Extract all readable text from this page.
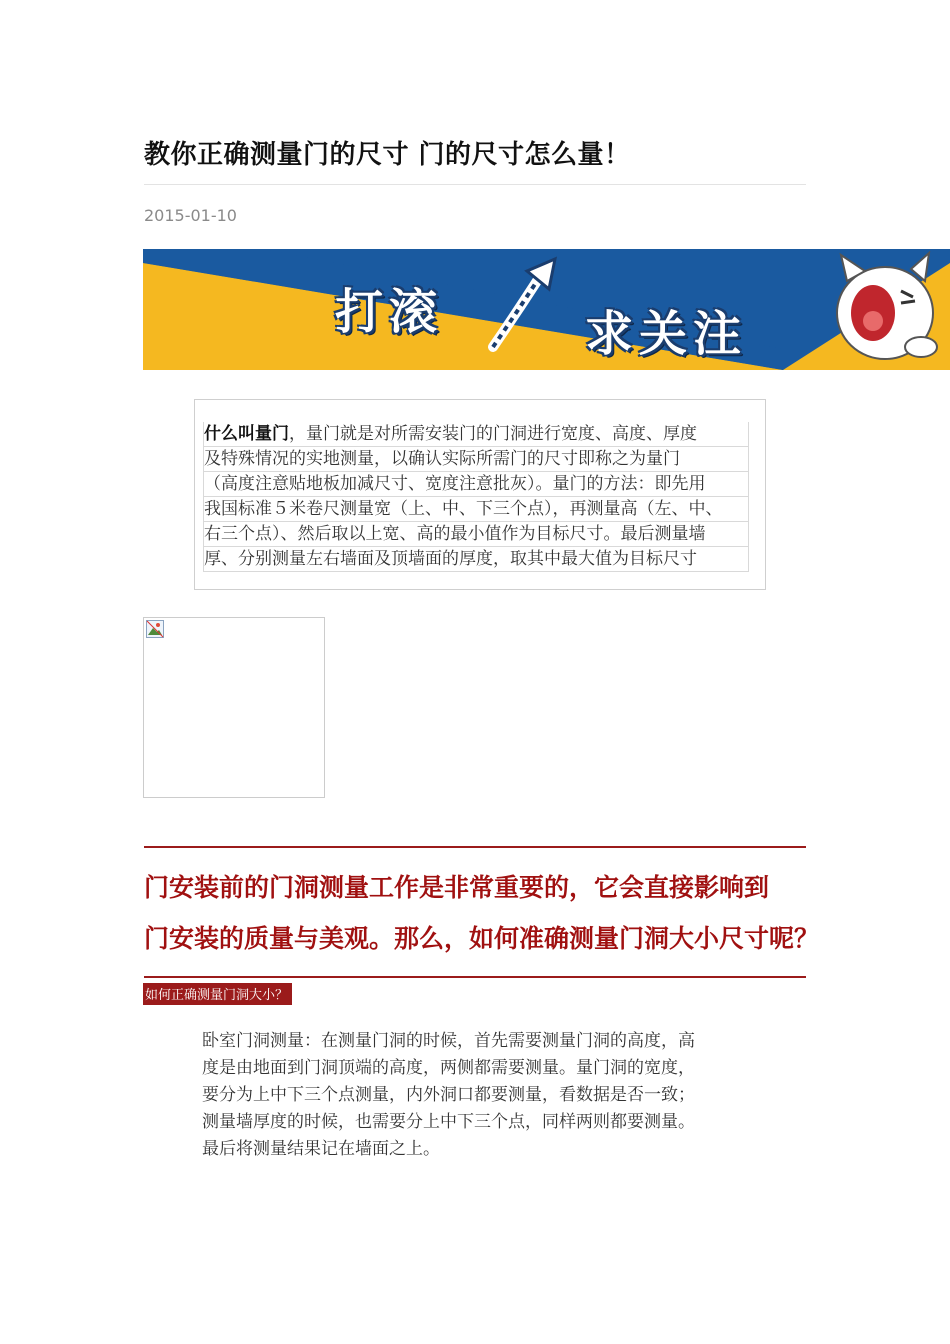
教你正确测量门的尺寸 门的尺寸怎么量！
2015-01-10
打滚	求关注
什么叫量门，量门就是对所需安装门的门洞进行宽度、高度、厚度
及特殊情况的实地测量，以确认实际所需门的尺寸即称之为量门
（高度注意贴地板加减尺寸、宽度注意批灰）。量门的方法：即先用
我国标准５米卷尺测量宽（上、中、下三个点），再测量高（左、中、
右三个点）、然后取以上宽、高的最小值作为目标尺寸。最后测量墙
厚、分别测量左右墙面及顶墙面的厚度，取其中最大值为目标尺寸
门安装前的门洞测量工作是非常重要的，它会直接影响到
门安装的质量与美观。那么，如何准确测量门洞大小尺寸呢？
如何正确测量门洞大小？

卧室门洞测量：在测量门洞的时候，首先需要测量门洞的高度，高
度是由地面到门洞顶端的高度，两侧都需要测量。量门洞的宽度，
要分为上中下三个点测量，内外洞口都要测量，看数据是否一致；
测量墙厚度的时候，也需要分上中下三个点，同样两则都要测量。
最后将测量结果记在墙面之上。
